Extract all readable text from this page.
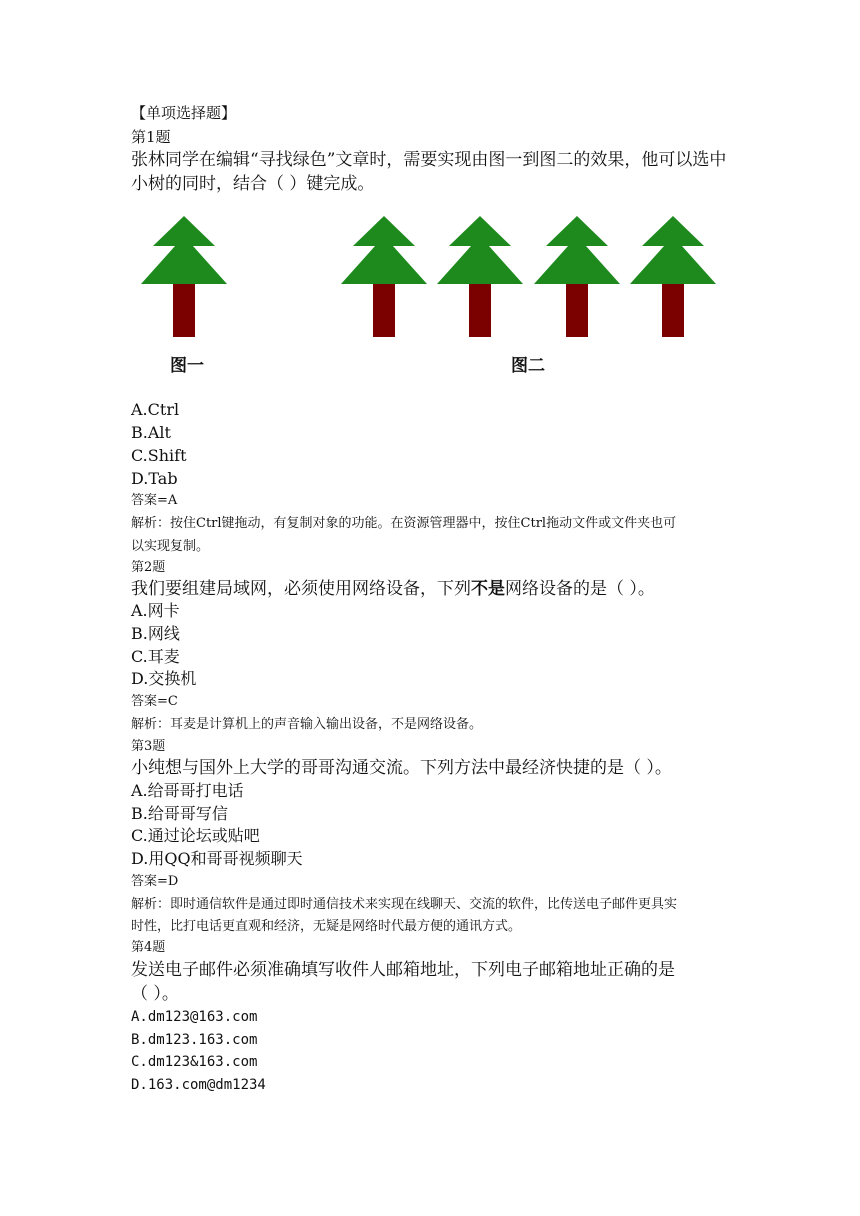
【单项选择题】
第1题
张林同学在编辑“寻找绿色”文章时，需要实现由图一到图二的效果，他可以选中
小树的同时，结合（ ）键完成。
图一	图二
A.Ctrl
B.Alt
C.Shift
D.Tab
答案=A
解析：按住Ctrl键拖动，有复制对象的功能。在资源管理器中，按住Ctrl拖动文件或文件夹也可
以实现复制。
第2题
我们要组建局域网，必须使用网络设备，下列不是网络设备的是（ ）。
A.网卡
B.网线
C.耳麦
D.交换机
答案=C
解析：耳麦是计算机上的声音输入输出设备，不是网络设备。
第3题
小纯想与国外上大学的哥哥沟通交流。下列方法中最经济快捷的是（ ）。
A.给哥哥打电话
B.给哥哥写信
C.通过论坛或贴吧
D.用QQ和哥哥视频聊天
答案=D
解析：即时通信软件是通过即时通信技术来实现在线聊天、交流的软件，比传送电子邮件更具实
时性，比打电话更直观和经济，无疑是网络时代最方便的通讯方式。
第4题
发送电子邮件必须准确填写收件人邮箱地址，下列电子邮箱地址正确的是
（ ）。
A.dm123@163.com
B.dm123.163.com
C.dm123&163.com
D.163.com@dm1234
